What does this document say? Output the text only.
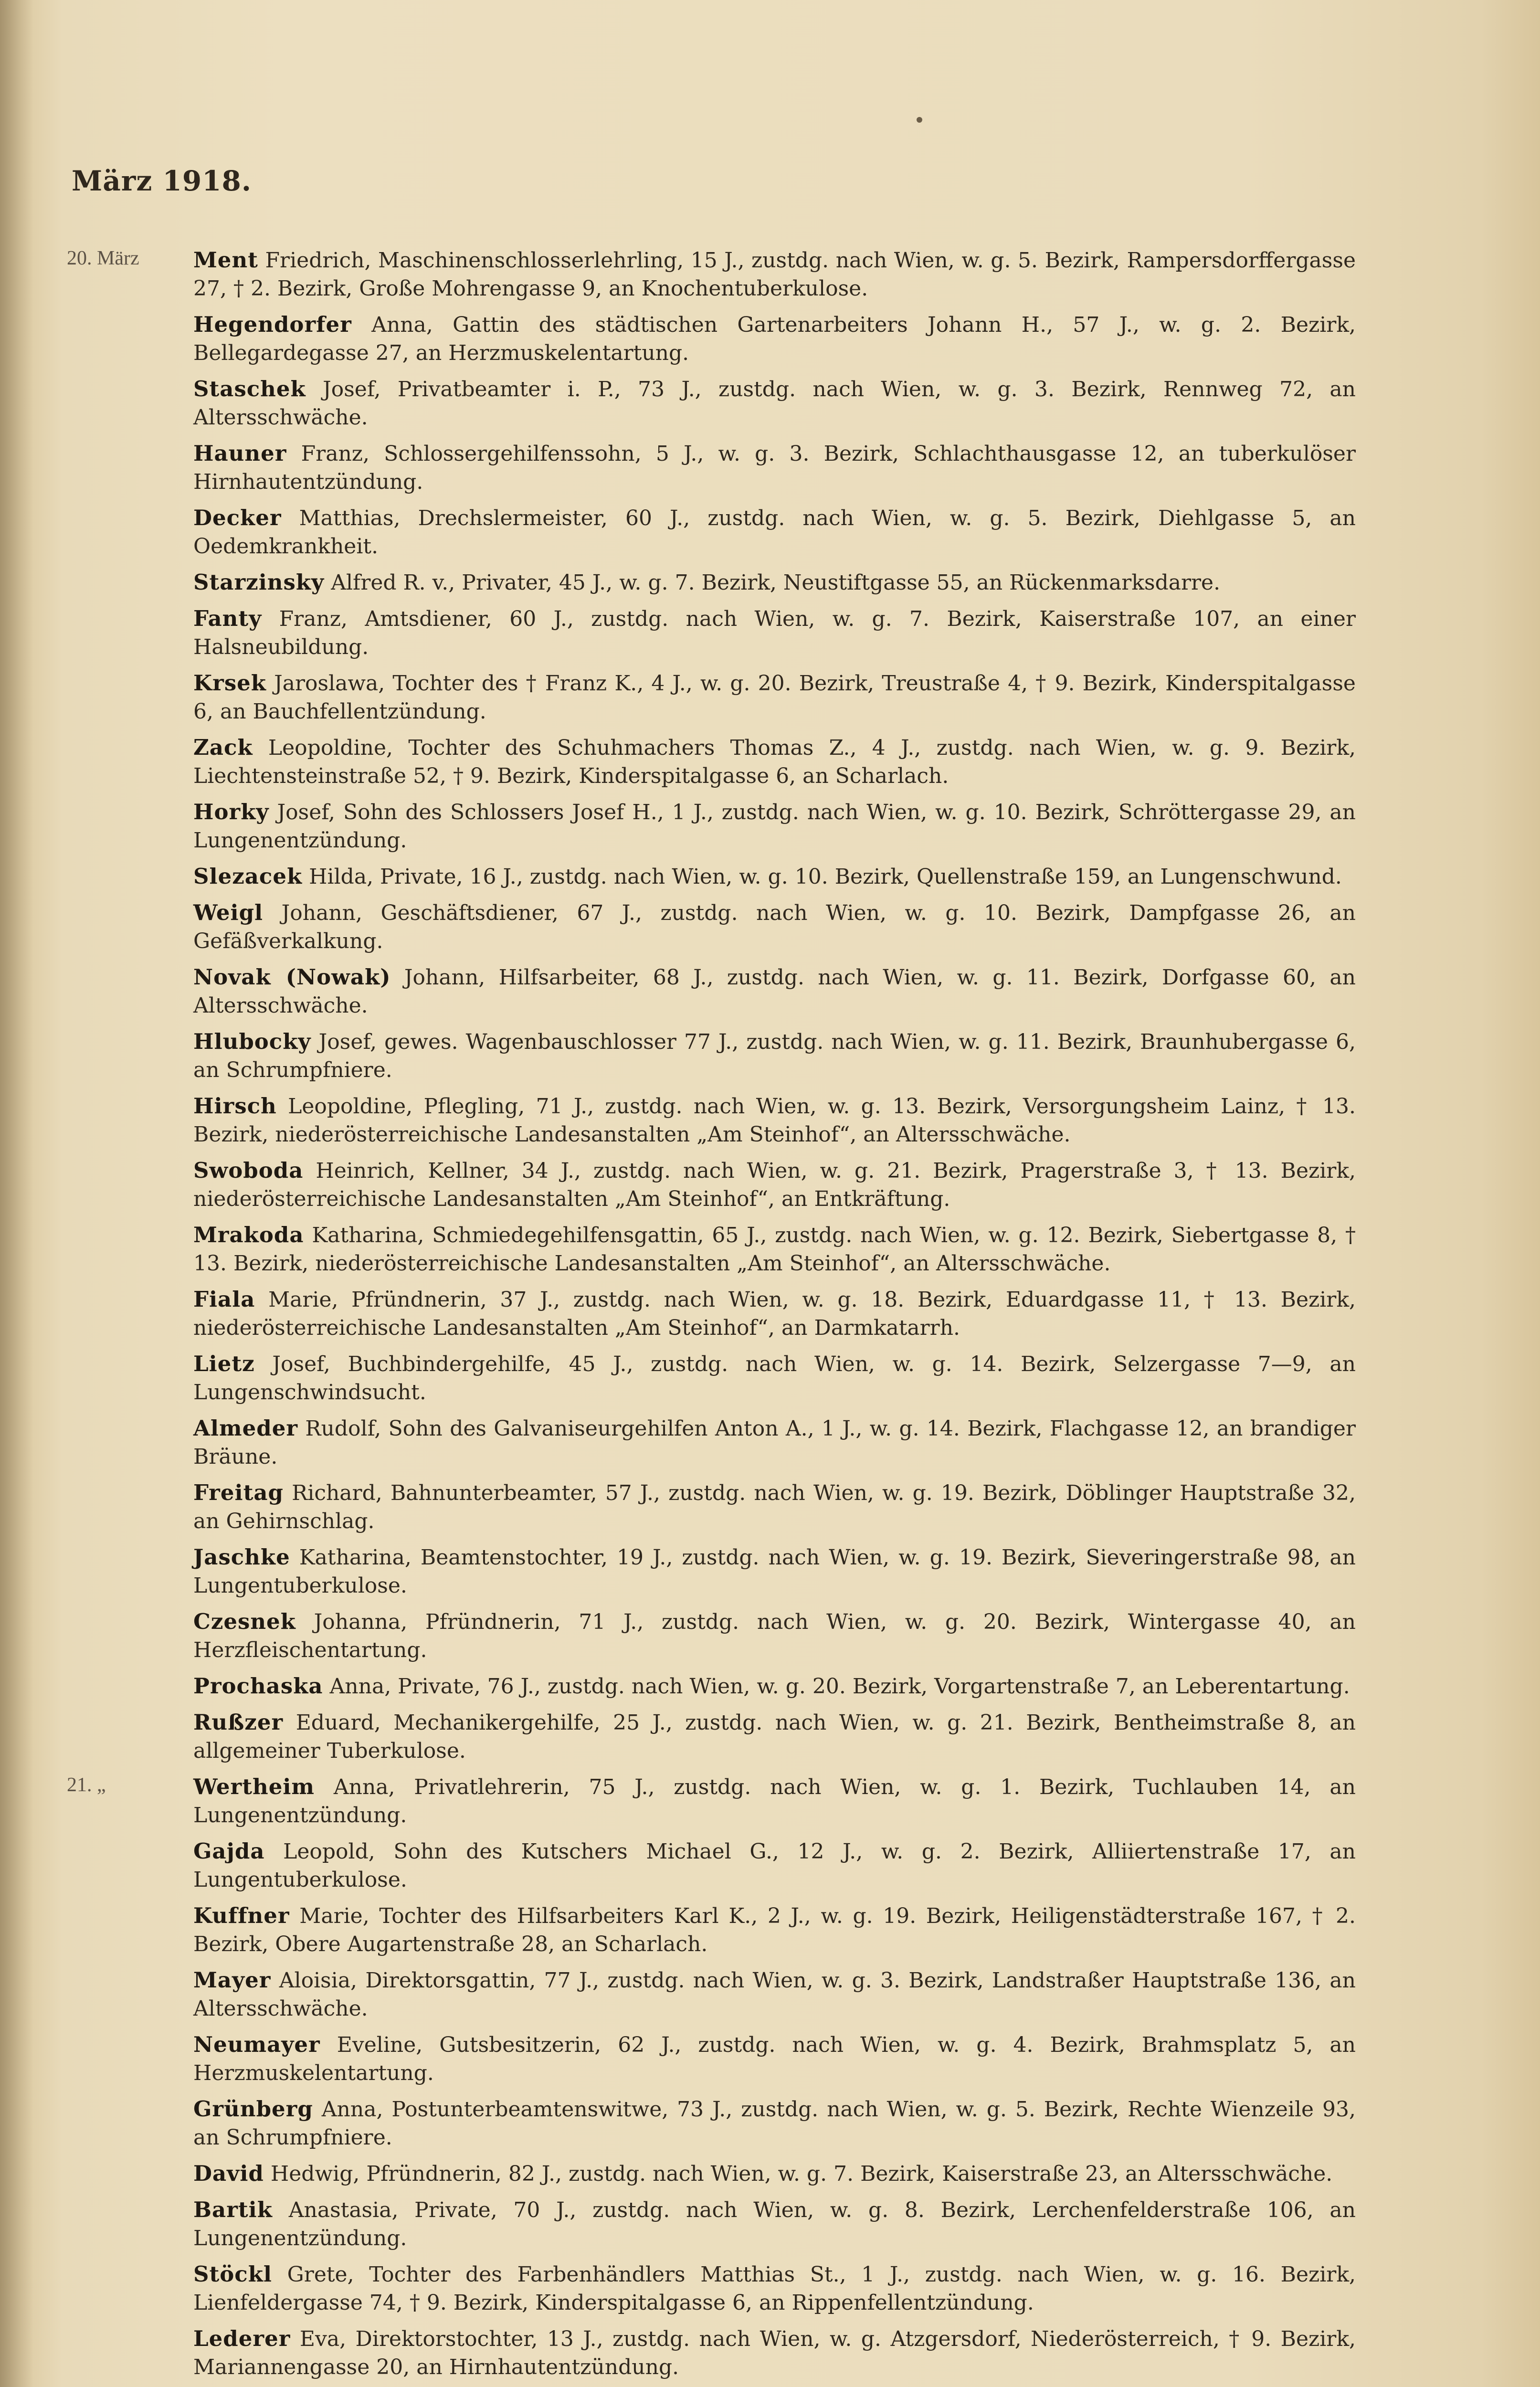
März 1918.
20. März	Ment Friedrich, Maschinenschlosserlehrling, 15 J., zustdg. nach Wien, w. g. 5. Bezirk, Rampersdorffergasse 27, † 2. Bezirk, Große Mohrengasse 9, an Knochentuberkulose.
Hegendorfer Anna, Gattin des städtischen Gartenarbeiters Johann H., 57 J., w. g. 2. Bezirk, Bellegardegasse 27, an Herzmuskelentartung.
Staschek Josef, Privatbeamter i. P., 73 J., zustdg. nach Wien, w. g. 3. Bezirk, Rennweg 72, an Altersschwäche.
Hauner Franz, Schlossergehilfenssohn, 5 J., w. g. 3. Bezirk, Schlachthausgasse 12, an tuberkulöser Hirnhautentzündung.
Decker Matthias, Drechslermeister, 60 J., zustdg. nach Wien, w. g. 5. Bezirk, Diehlgasse 5, an Oedemkrankheit.
Starzinsky Alfred R. v., Privater, 45 J., w. g. 7. Bezirk, Neustiftgasse 55, an Rückenmarksdarre.
Fanty Franz, Amtsdiener, 60 J., zustdg. nach Wien, w. g. 7. Bezirk, Kaiserstraße 107, an einer Halsneubildung.
Krsek Jaroslawa, Tochter des † Franz K., 4 J., w. g. 20. Bezirk, Treustraße 4, † 9. Bezirk, Kinderspitalgasse 6, an Bauchfellentzündung.
Zack Leopoldine, Tochter des Schuhmachers Thomas Z., 4 J., zustdg. nach Wien, w. g. 9. Bezirk, Liechtensteinstraße 52, † 9. Bezirk, Kinderspitalgasse 6, an Scharlach.
Horky Josef, Sohn des Schlossers Josef H., 1 J., zustdg. nach Wien, w. g. 10. Bezirk, Schröttergasse 29, an Lungenentzündung.
Slezacek Hilda, Private, 16 J., zustdg. nach Wien, w. g. 10. Bezirk, Quellenstraße 159, an Lungenschwund.
Weigl Johann, Geschäftsdiener, 67 J., zustdg. nach Wien, w. g. 10. Bezirk, Dampfgasse 26, an Gefäßverkalkung.
Novak (Nowak) Johann, Hilfsarbeiter, 68 J., zustdg. nach Wien, w. g. 11. Bezirk, Dorfgasse 60, an Altersschwäche.
Hlubocky Josef, gewes. Wagenbauschlosser 77 J., zustdg. nach Wien, w. g. 11. Bezirk, Braunhubergasse 6, an Schrumpfniere.
Hirsch Leopoldine, Pflegling, 71 J., zustdg. nach Wien, w. g. 13. Bezirk, Versorgungsheim Lainz, † 13. Bezirk, niederösterreichische Landesanstalten „Am Steinhof“, an Altersschwäche.
Swoboda Heinrich, Kellner, 34 J., zustdg. nach Wien, w. g. 21. Bezirk, Pragerstraße 3, † 13. Bezirk, niederösterreichische Landesanstalten „Am Steinhof“, an Entkräftung.
Mrakoda Katharina, Schmiedegehilfensgattin, 65 J., zustdg. nach Wien, w. g. 12. Bezirk, Siebertgasse 8, † 13. Bezirk, niederösterreichische Landesanstalten „Am Steinhof“, an Altersschwäche.
Fiala Marie, Pfründnerin, 37 J., zustdg. nach Wien, w. g. 18. Bezirk, Eduardgasse 11, † 13. Bezirk, niederösterreichische Landesanstalten „Am Steinhof“, an Darmkatarrh.
Lietz Josef, Buchbindergehilfe, 45 J., zustdg. nach Wien, w. g. 14. Bezirk, Selzergasse 7—9, an Lungenschwindsucht.
Almeder Rudolf, Sohn des Galvaniseurgehilfen Anton A., 1 J., w. g. 14. Bezirk, Flachgasse 12, an brandiger Bräune.
Freitag Richard, Bahnunterbeamter, 57 J., zustdg. nach Wien, w. g. 19. Bezirk, Döblinger Hauptstraße 32, an Gehirnschlag.
Jaschke Katharina, Beamtenstochter, 19 J., zustdg. nach Wien, w. g. 19. Bezirk, Sieveringerstraße 98, an Lungentuberkulose.
Czesnek Johanna, Pfründnerin, 71 J., zustdg. nach Wien, w. g. 20. Bezirk, Wintergasse 40, an Herzfleischentartung.
Prochaska Anna, Private, 76 J., zustdg. nach Wien, w. g. 20. Bezirk, Vorgartenstraße 7, an Leberentartung.
Rußzer Eduard, Mechanikergehilfe, 25 J., zustdg. nach Wien, w. g. 21. Bezirk, Bentheimstraße 8, an allgemeiner Tuberkulose.
21. „	Wertheim Anna, Privatlehrerin, 75 J., zustdg. nach Wien, w. g. 1. Bezirk, Tuchlauben 14, an Lungenentzündung.
Gajda Leopold, Sohn des Kutschers Michael G., 12 J., w. g. 2. Bezirk, Alliiertenstraße 17, an Lungentuberkulose.
Kuffner Marie, Tochter des Hilfsarbeiters Karl K., 2 J., w. g. 19. Bezirk, Heiligenstädterstraße 167, † 2. Bezirk, Obere Augartenstraße 28, an Scharlach.
Mayer Aloisia, Direktorsgattin, 77 J., zustdg. nach Wien, w. g. 3. Bezirk, Landstraßer Hauptstraße 136, an Altersschwäche.
Neumayer Eveline, Gutsbesitzerin, 62 J., zustdg. nach Wien, w. g. 4. Bezirk, Brahmsplatz 5, an Herzmuskelentartung.
Grünberg Anna, Postunterbeamtenswitwe, 73 J., zustdg. nach Wien, w. g. 5. Bezirk, Rechte Wienzeile 93, an Schrumpfniere.
David Hedwig, Pfründnerin, 82 J., zustdg. nach Wien, w. g. 7. Bezirk, Kaiserstraße 23, an Altersschwäche.
Bartik Anastasia, Private, 70 J., zustdg. nach Wien, w. g. 8. Bezirk, Lerchenfelderstraße 106, an Lungenentzündung.
Stöckl Grete, Tochter des Farbenhändlers Matthias St., 1 J., zustdg. nach Wien, w. g. 16. Bezirk, Lienfeldergasse 74, † 9. Bezirk, Kinderspitalgasse 6, an Rippenfellentzündung.
Lederer Eva, Direktorstochter, 13 J., zustdg. nach Wien, w. g. Atzgersdorf, Niederösterreich, † 9. Bezirk, Mariannengasse 20, an Hirnhautentzündung.
